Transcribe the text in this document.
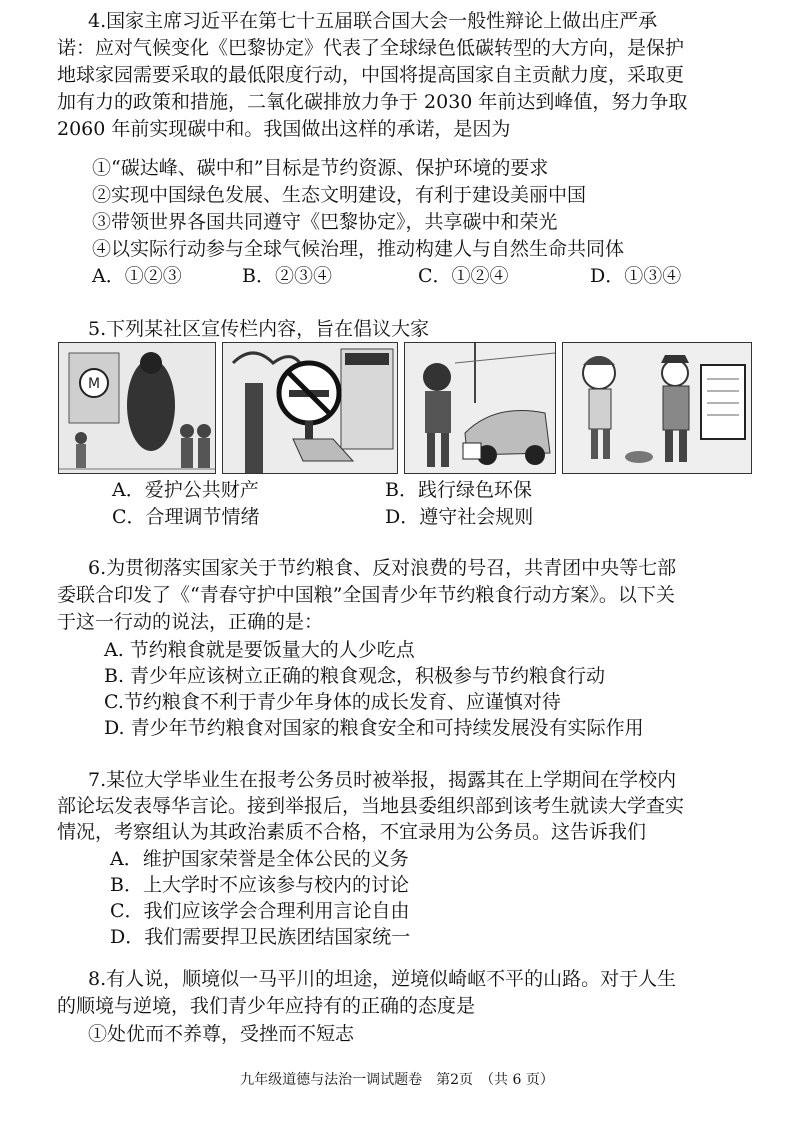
4.国家主席习近平在第七十五届联合国大会一般性辩论上做出庄严承
诺：应对气候变化《巴黎协定》代表了全球绿色低碳转型的大方向，是保护
地球家园需要采取的最低限度行动，中国将提高国家自主贡献力度，采取更
加有力的政策和措施，二氧化碳排放力争于 2030 年前达到峰值，努力争取
2060 年前实现碳中和。我国做出这样的承诺，是因为
①“碳达峰、碳中和”目标是节约资源、保护环境的要求
②实现中国绿色发展、生态文明建设，有利于建设美丽中国
③带领世界各国共同遵守《巴黎协定》，共享碳中和荣光
④以实际行动参与全球气候治理，推动构建人与自然生命共同体
A．①②③	B．②③④	C．①②④	D．①③④
5.下列某社区宣传栏内容，旨在倡议大家
M
A．爱护公共财产	B．践行绿色环保
C．合理调节情绪	D．遵守社会规则
6.为贯彻落实国家关于节约粮食、反对浪费的号召，共青团中央等七部
委联合印发了《“青春守护中国粮”全国青少年节约粮食行动方案》。以下关
于这一行动的说法，正确的是：
A. 节约粮食就是要饭量大的人少吃点
B. 青少年应该树立正确的粮食观念，积极参与节约粮食行动
C.节约粮食不利于青少年身体的成长发育、应谨慎对待
D. 青少年节约粮食对国家的粮食安全和可持续发展没有实际作用
7.某位大学毕业生在报考公务员时被举报，揭露其在上学期间在学校内
部论坛发表辱华言论。接到举报后，当地县委组织部到该考生就读大学查实
情况，考察组认为其政治素质不合格，不宜录用为公务员。这告诉我们
A．维护国家荣誉是全体公民的义务
B．上大学时不应该参与校内的讨论
C．我们应该学会合理利用言论自由
D．我们需要捍卫民族团结国家统一
8.有人说，顺境似一马平川的坦途，逆境似崎岖不平的山路。对于人生
的顺境与逆境，我们青少年应持有的正确的态度是
①处优而不养尊，受挫而不短志
九年级道德与法治一调试题卷　第2页　（共 6 页）
